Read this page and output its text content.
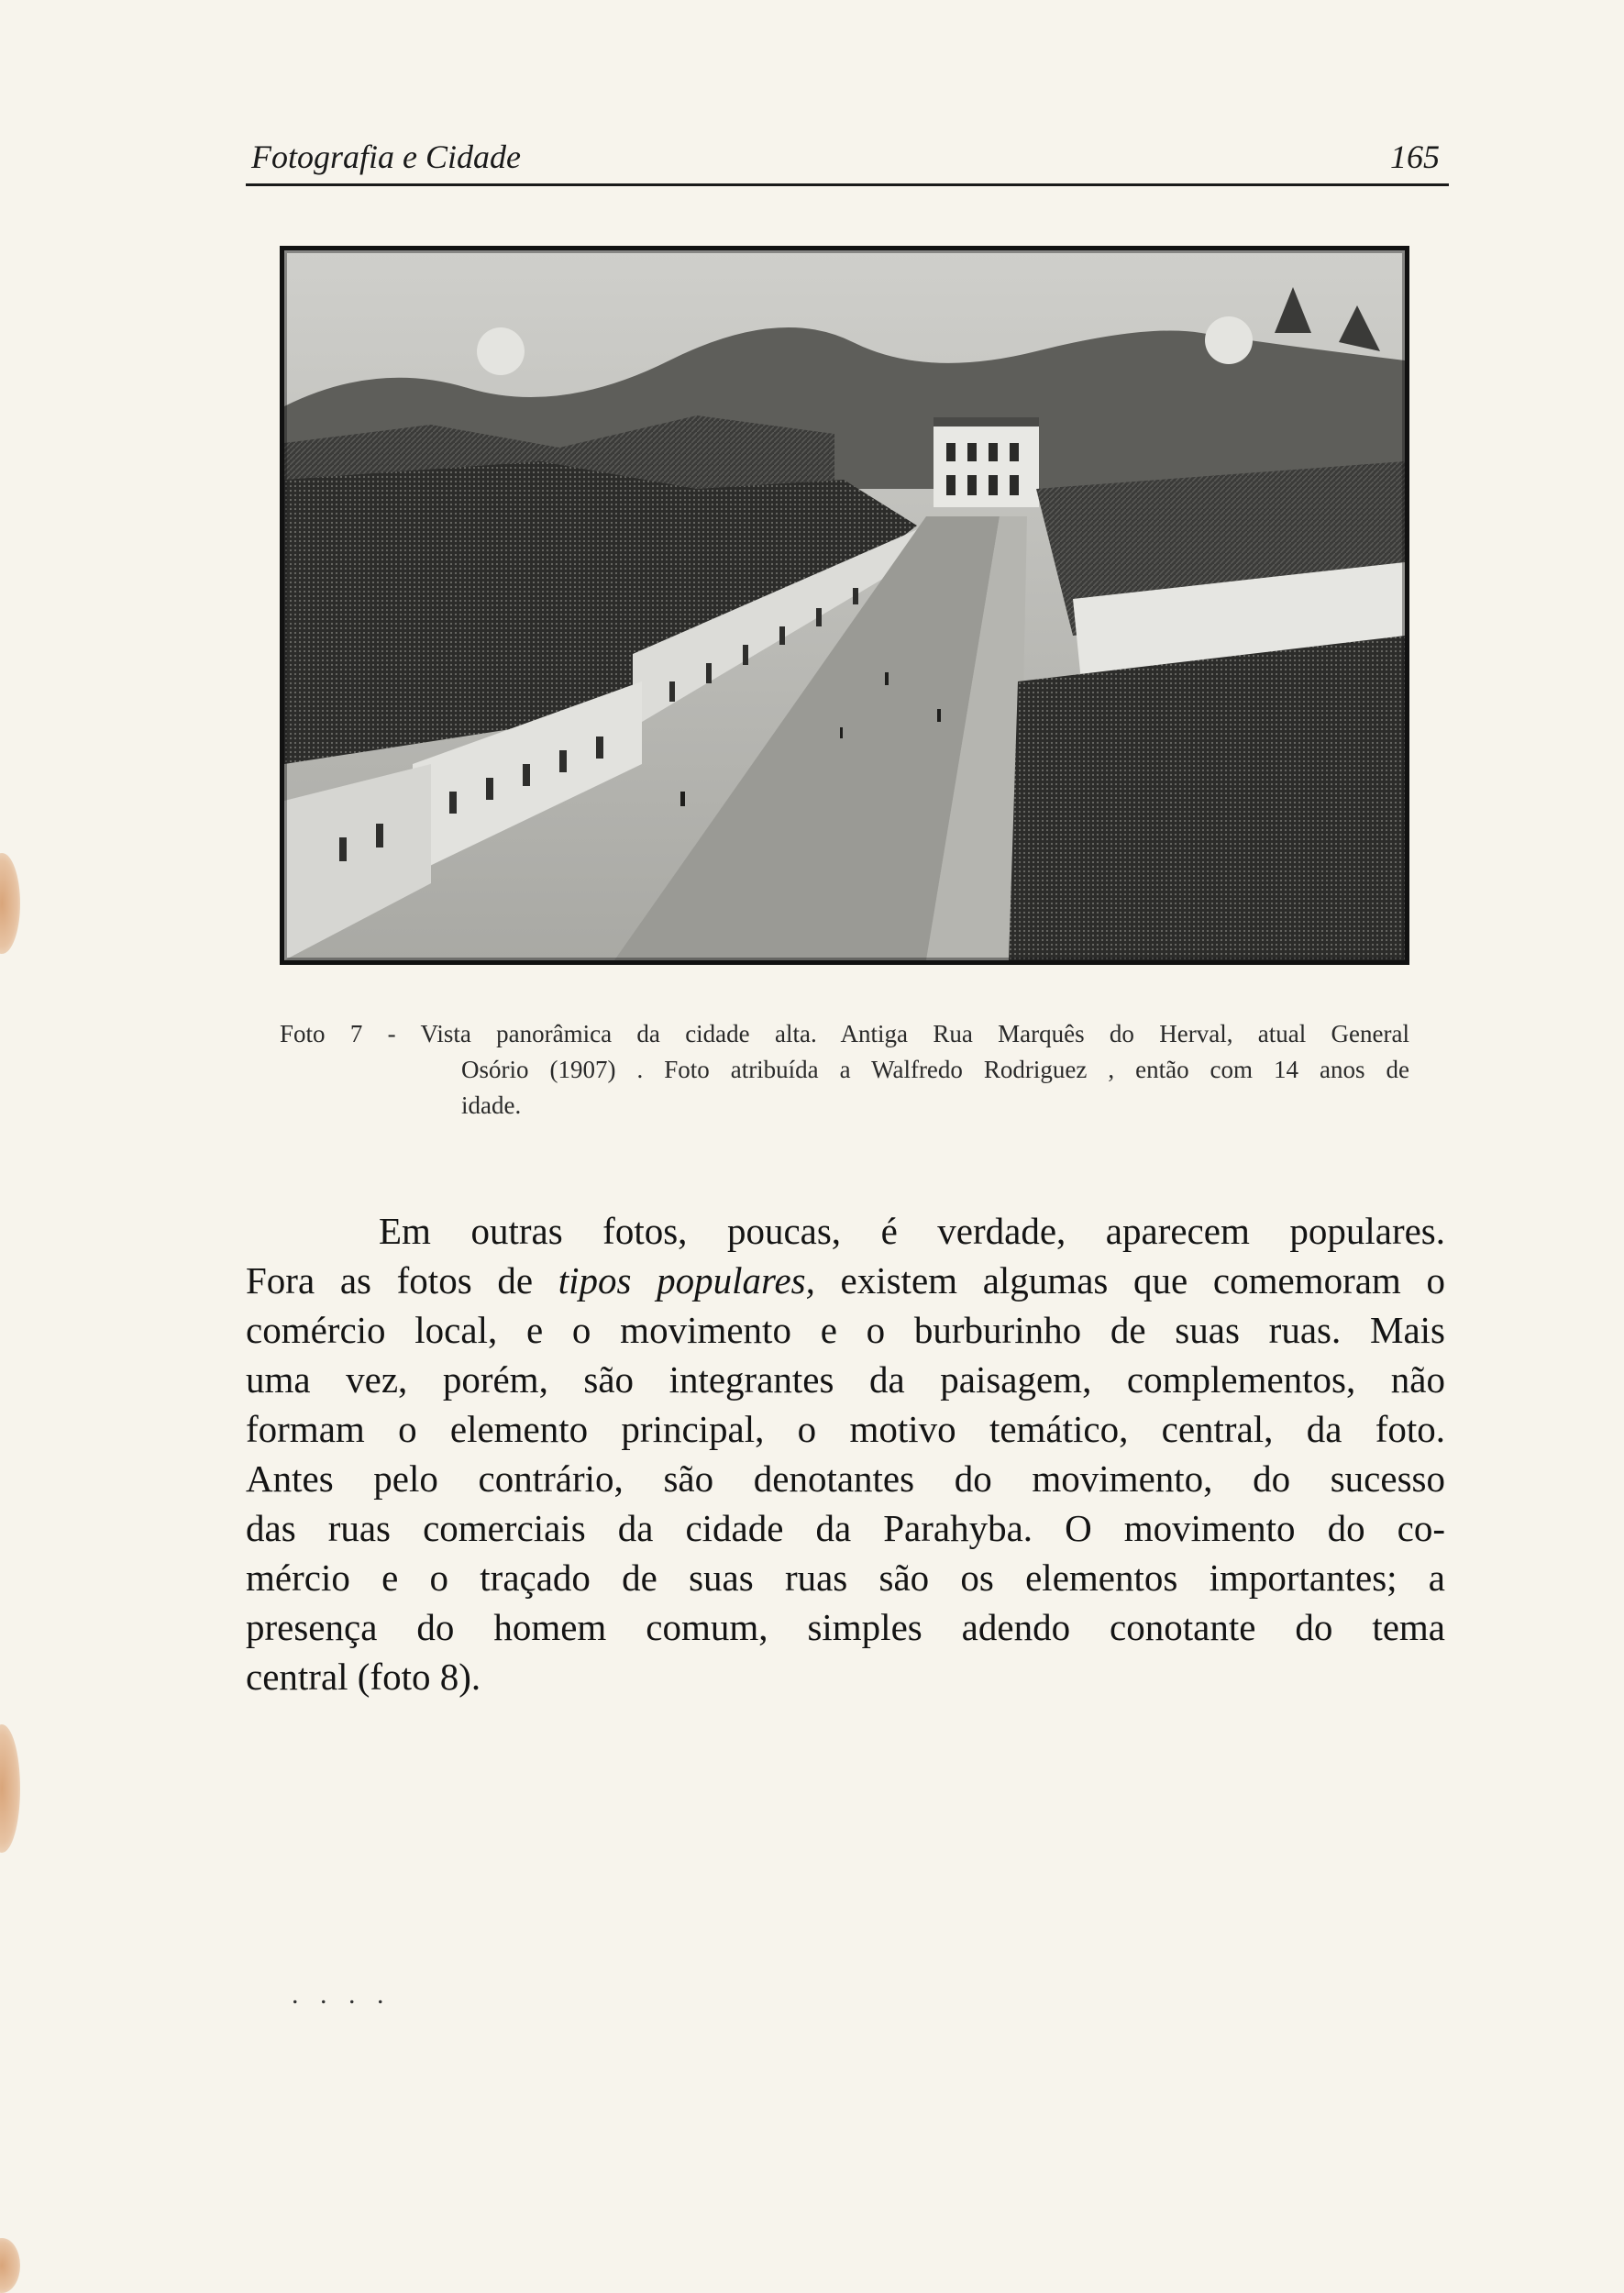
Fotografia e Cidade	165
Foto 7 - Vista panorâmica da cidade alta. Antiga Rua Marquês do Herval, atual General
Osório (1907) . Foto atribuída a Walfredo Rodriguez , então com 14 anos de
idade.
Em outras fotos, poucas, é verdade, aparecem populares.
Fora as fotos de tipos populares, existem algumas que comemoram o
comércio local, e o movimento e o burburinho de suas ruas. Mais
uma vez, porém, são integrantes da paisagem, complementos, não
formam o elemento principal, o motivo temático, central, da foto.
Antes pelo contrário, são denotantes do movimento, do sucesso
das ruas comerciais da cidade da Parahyba. O movimento do co-
mércio e o traçado de suas ruas são os elementos importantes; a
presença do homem comum, simples adendo conotante do tema
central (foto 8).
. . . .
